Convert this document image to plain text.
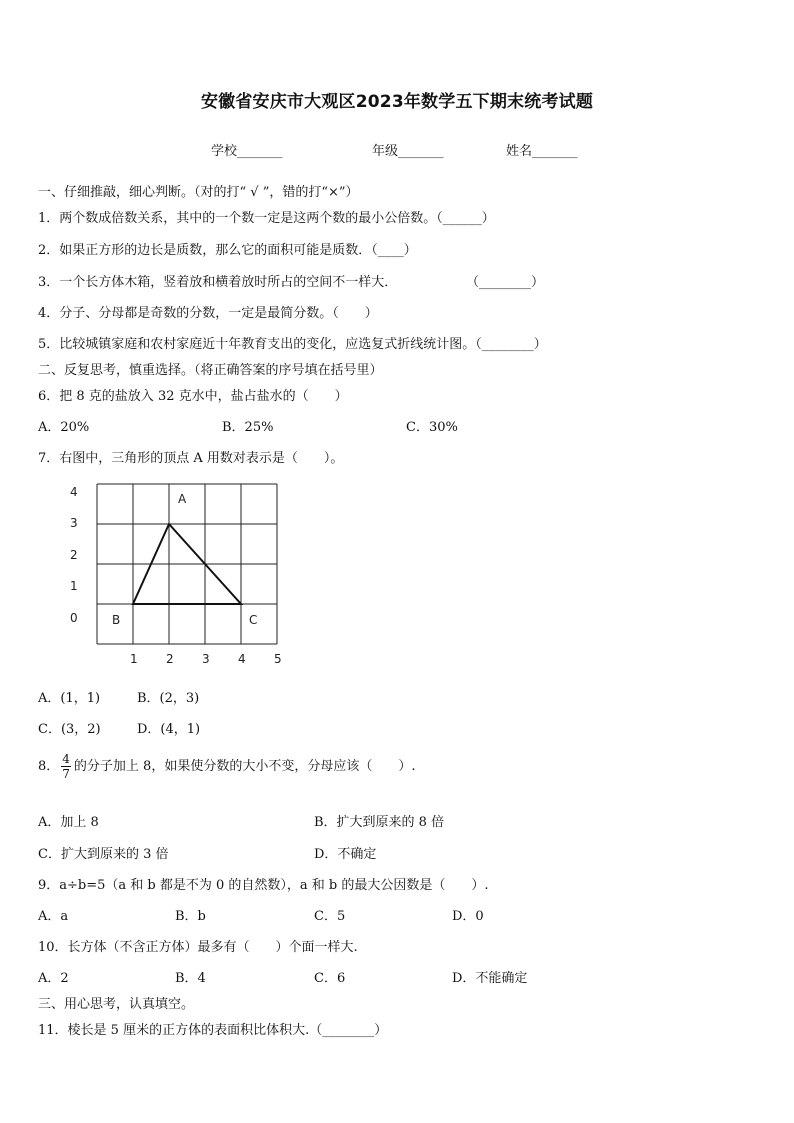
安徽省安庆市大观区2023年数学五下期末统考试题
学校_______	年级_______	姓名_______
一、仔细推敲，细心判断。（对的打“ √ ”，错的打“×”）
1．两个数成倍数关系，其中的一个数一定是这两个数的最小公倍数。（______）
2．如果正方形的边长是质数，那么它的面积可能是质数．（____）
3．一个长方体木箱，竖着放和横着放时所占的空间不一样大．	（________）
4．分子、分母都是奇数的分数，一定是最简分数。（　　）
5．比较城镇家庭和农村家庭近十年教育支出的变化，应选复式折线统计图。（________）
二、反复思考，慎重选择。（将正确答案的序号填在括号里）
6．把 8 克的盐放入 32 克水中，盐占盐水的（　　）
A．20%	B．25%	C．30%
7．右图中，三角形的顶点 A 用数对表示是（　　）。
4
3
2
1
0
1 2 3 4 5
A
B	C
A．(1，1)	B．(2，3)
C．(3，2)	D．(4，1)
8． $\frac{4}{7}$ 的分子加上 8，如果使分数的大小不变，分母应该（　　）.
A．加上 8	B．扩大到原来的 8 倍
C．扩大到原来的 3 倍	D．不确定
9．a÷b=5（a 和 b 都是不为 0 的自然数），a 和 b 的最大公因数是（　　）.
A．a	B．b	C．5	D．0
10．长方体（不含正方体）最多有（　　）个面一样大.
A．2	B．4	C．6	D．不能确定
三、用心思考，认真填空。
11．棱长是 5 厘米的正方体的表面积比体积大.（________）
